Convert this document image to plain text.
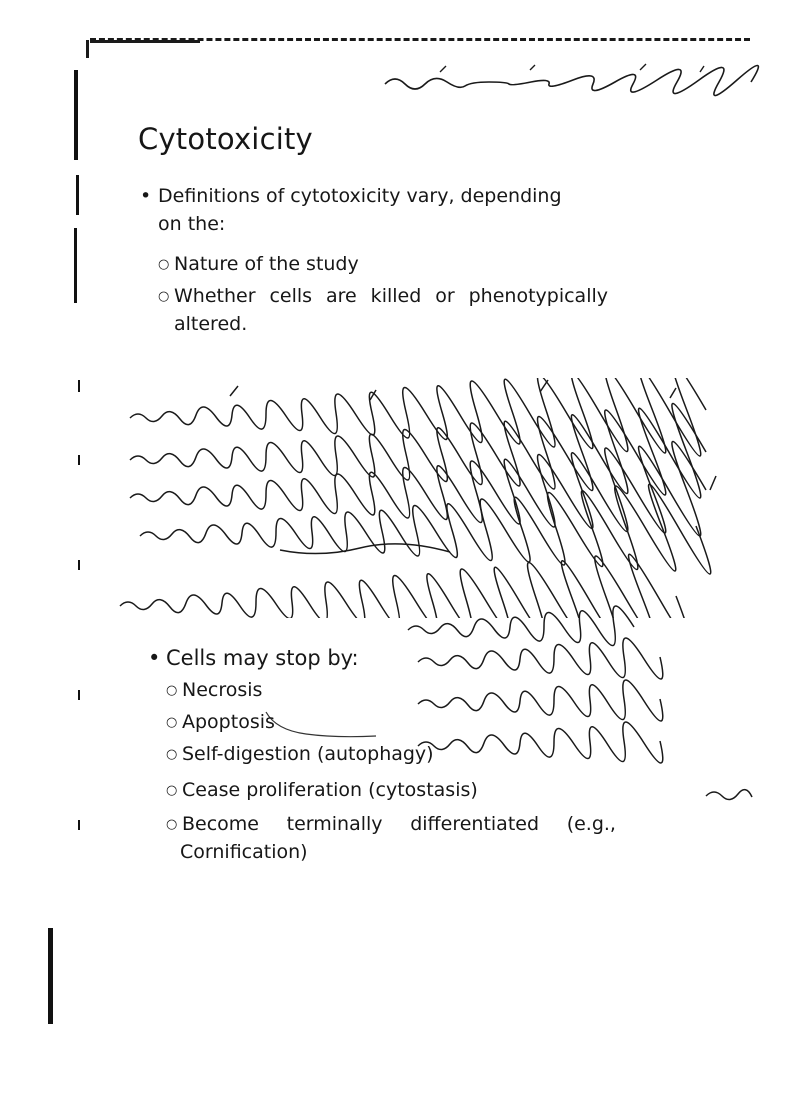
Cytotoxicity

• Definitions of cytotoxicity vary, depending
on the:

○ Nature of the study

○ Whether cells are killed or phenotypically

altered.

• Cells may stop by:

○ Necrosis

○ Apoptosis

○ Self-digestion (autophagy)

○ Cease proliferation (cytostasis)

○ Become terminally differentiated (e.g.,

Cornification)
